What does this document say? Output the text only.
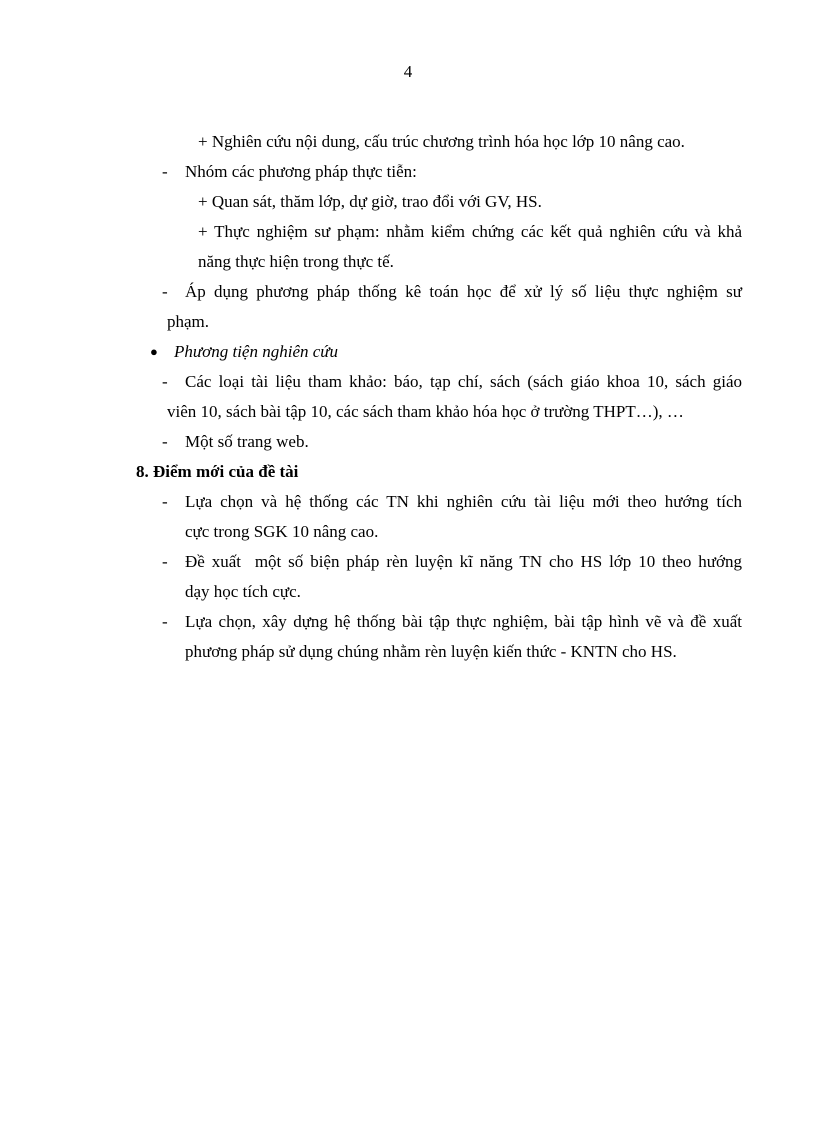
4
+ Nghiên cứu nội dung, cấu trúc chương trình hóa học lớp 10 nâng cao.
- Nhóm các phương pháp thực tiễn:
+ Quan sát, thăm lớp, dự giờ, trao đổi với GV, HS.
+ Thực nghiệm sư phạm: nhằm kiểm chứng các kết quả nghiên cứu và khả
năng thực hiện trong thực tế.
- Áp dụng phương pháp thống kê toán học để xử lý số liệu thực nghiệm sư
phạm.
● Phương tiện nghiên cứu
- Các loại tài liệu tham khảo: báo, tạp chí, sách (sách giáo khoa 10, sách giáo
viên 10, sách bài tập 10, các sách tham khảo hóa học ở trường THPT…), …
- Một số trang web.
8. Điểm mới của đề tài
- Lựa chọn và hệ thống các TN khi nghiên cứu tài liệu mới theo hướng tích
cực trong SGK 10 nâng cao.
- Đề xuất  một số biện pháp rèn luyện kĩ năng TN cho HS lớp 10 theo hướng
dạy học tích cực.
- Lựa chọn, xây dựng hệ thống bài tập thực nghiệm, bài tập hình vẽ và đề xuất
phương pháp sử dụng chúng nhằm rèn luyện kiến thức - KNTN cho HS.
